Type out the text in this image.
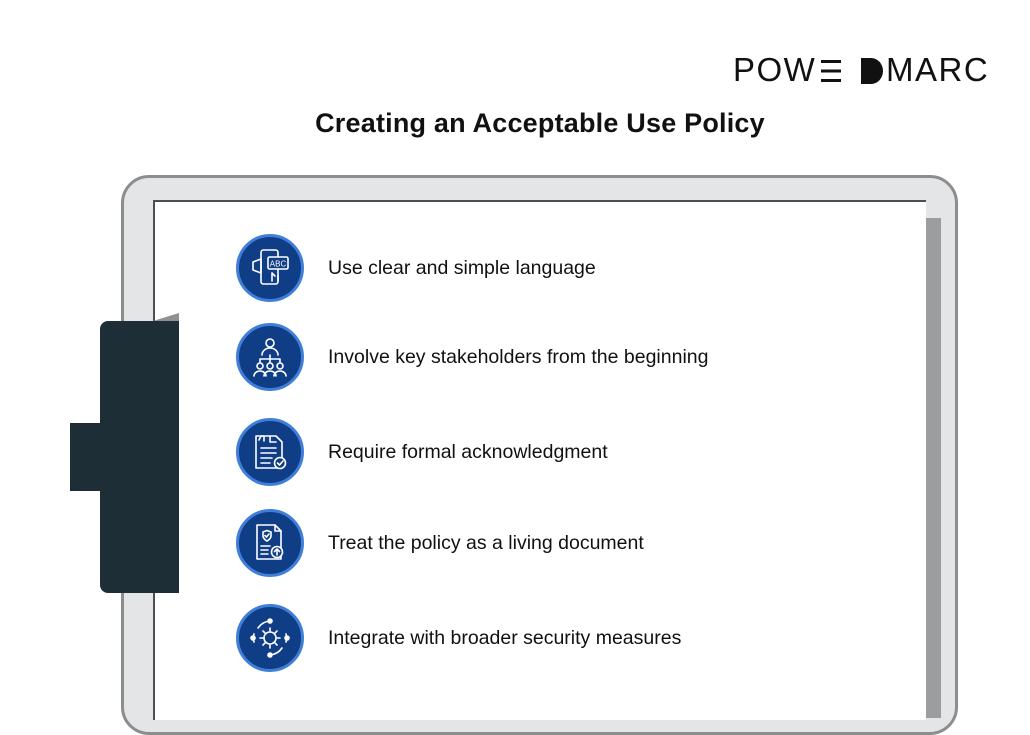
POW MARC
Creating an Acceptable Use Policy
ABC Use clear and simple language
Involve key stakeholders from the beginning
Require formal acknowledgment
Treat the policy as a living document
Integrate with broader security measures
